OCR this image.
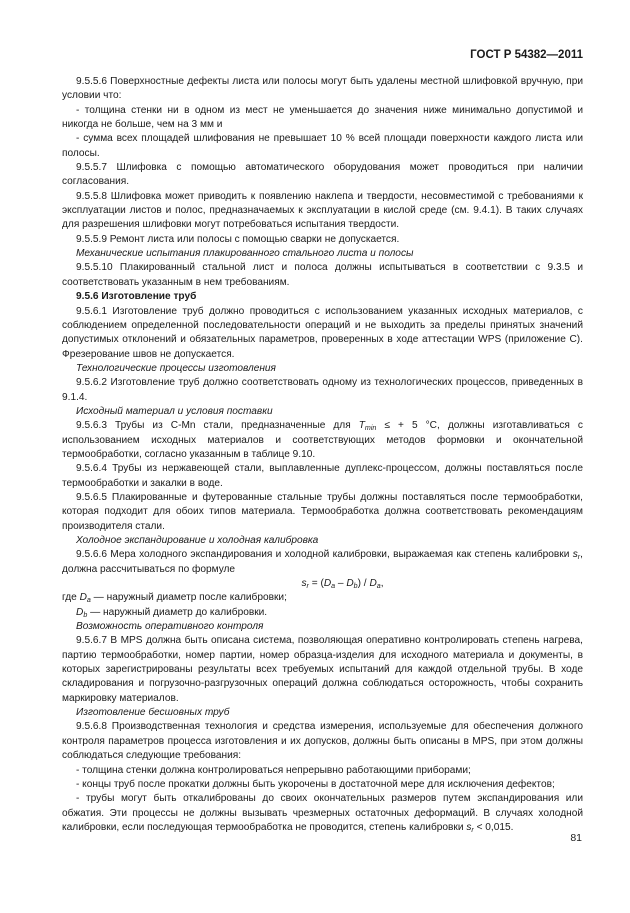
ГОСТ Р 54382—2011

9.5.5.6 Поверхностные дефекты листа или полосы могут быть удалены местной шлифовкой вручную, при условии что:

- толщина стенки ни в одном из мест не уменьшается до значения ниже минимально допустимой и никогда не больше, чем на 3 мм и

- сумма всех площадей шлифования не превышает 10 % всей площади поверхности каждого листа или полосы.

9.5.5.7 Шлифовка с помощью автоматического оборудования может проводиться при наличии согласования.

9.5.5.8 Шлифовка может приводить к появлению наклепа и твердости, несовместимой с требованиями к эксплуатации листов и полос, предназначаемых к эксплуатации в кислой среде (см. 9.4.1). В таких случаях для разрешения шлифовки могут потребоваться испытания твердости.

9.5.5.9 Ремонт листа или полосы с помощью сварки не допускается.

Механические испытания плакированного стального листа и полосы

9.5.5.10 Плакированный стальной лист и полоса должны испытываться в соответствии с 9.3.5 и соответствовать указанным в нем требованиям.

9.5.6 Изготовление труб

9.5.6.1 Изготовление труб должно проводиться с использованием указанных исходных материалов, с соблюдением определенной последовательности операций и не выходить за пределы принятых значений допустимых отклонений и обязательных параметров, проверенных в ходе аттестации WPS (приложение С). Фрезерование швов не допускается.

Технологические процессы изготовления

9.5.6.2 Изготовление труб должно соответствовать одному из технологических процессов, приведенных в 9.1.4.

Исходный материал и условия поставки

9.5.6.3 Трубы из С-Mn стали, предназначенные для $T_{min}$ ≤ + 5 °С, должны изготавливаться с использованием исходных материалов и соответствующих методов формовки и окончательной термообработки, согласно указанным в таблице 9.10.

9.5.6.4 Трубы из нержавеющей стали, выплавленные дуплекс-процессом, должны поставляться после термообработки и закалки в воде.

9.5.6.5 Плакированные и футерованные стальные трубы должны поставляться после термообработки, которая подходит для обоих типов материала. Термообработка должна соответствовать рекомендациям производителя стали.

Холодное экспандирование и холодная калибровка

9.5.6.6 Мера холодного экспандирования и холодной калибровки, выражаемая как степень калибровки $s_r$, должна рассчитываться по формуле

$s_r = (D_a - D_b) / D_a$,

где $D_a$ — наружный диаметр после калибровки;

$D_b$ — наружный диаметр до калибровки.

Возможность оперативного контроля

9.5.6.7 В MPS должна быть описана система, позволяющая оперативно контролировать степень нагрева, партию термообработки, номер партии, номер образца-изделия для исходного материала и документы, в которых зарегистрированы результаты всех требуемых испытаний для каждой отдельной трубы. В ходе складирования и погрузочно-разгрузочных операций должна соблюдаться осторожность, чтобы сохранить маркировку материалов.

Изготовление бесшовных труб

9.5.6.8 Производственная технология и средства измерения, используемые для обеспечения должного контроля параметров процесса изготовления и их допусков, должны быть описаны в MPS, при этом должны соблюдаться следующие требования:

- толщина стенки должна контролироваться непрерывно работающими приборами;

- концы труб после прокатки должны быть укорочены в достаточной мере для исключения дефектов;

- трубы могут быть откалиброваны до своих окончательных размеров путем экспандирования или обжатия. Эти процессы не должны вызывать чрезмерных остаточных деформаций. В случаях холодной калибровки, если последующая термообработка не проводится, степень калибровки $s_r < 0,015$.

81
